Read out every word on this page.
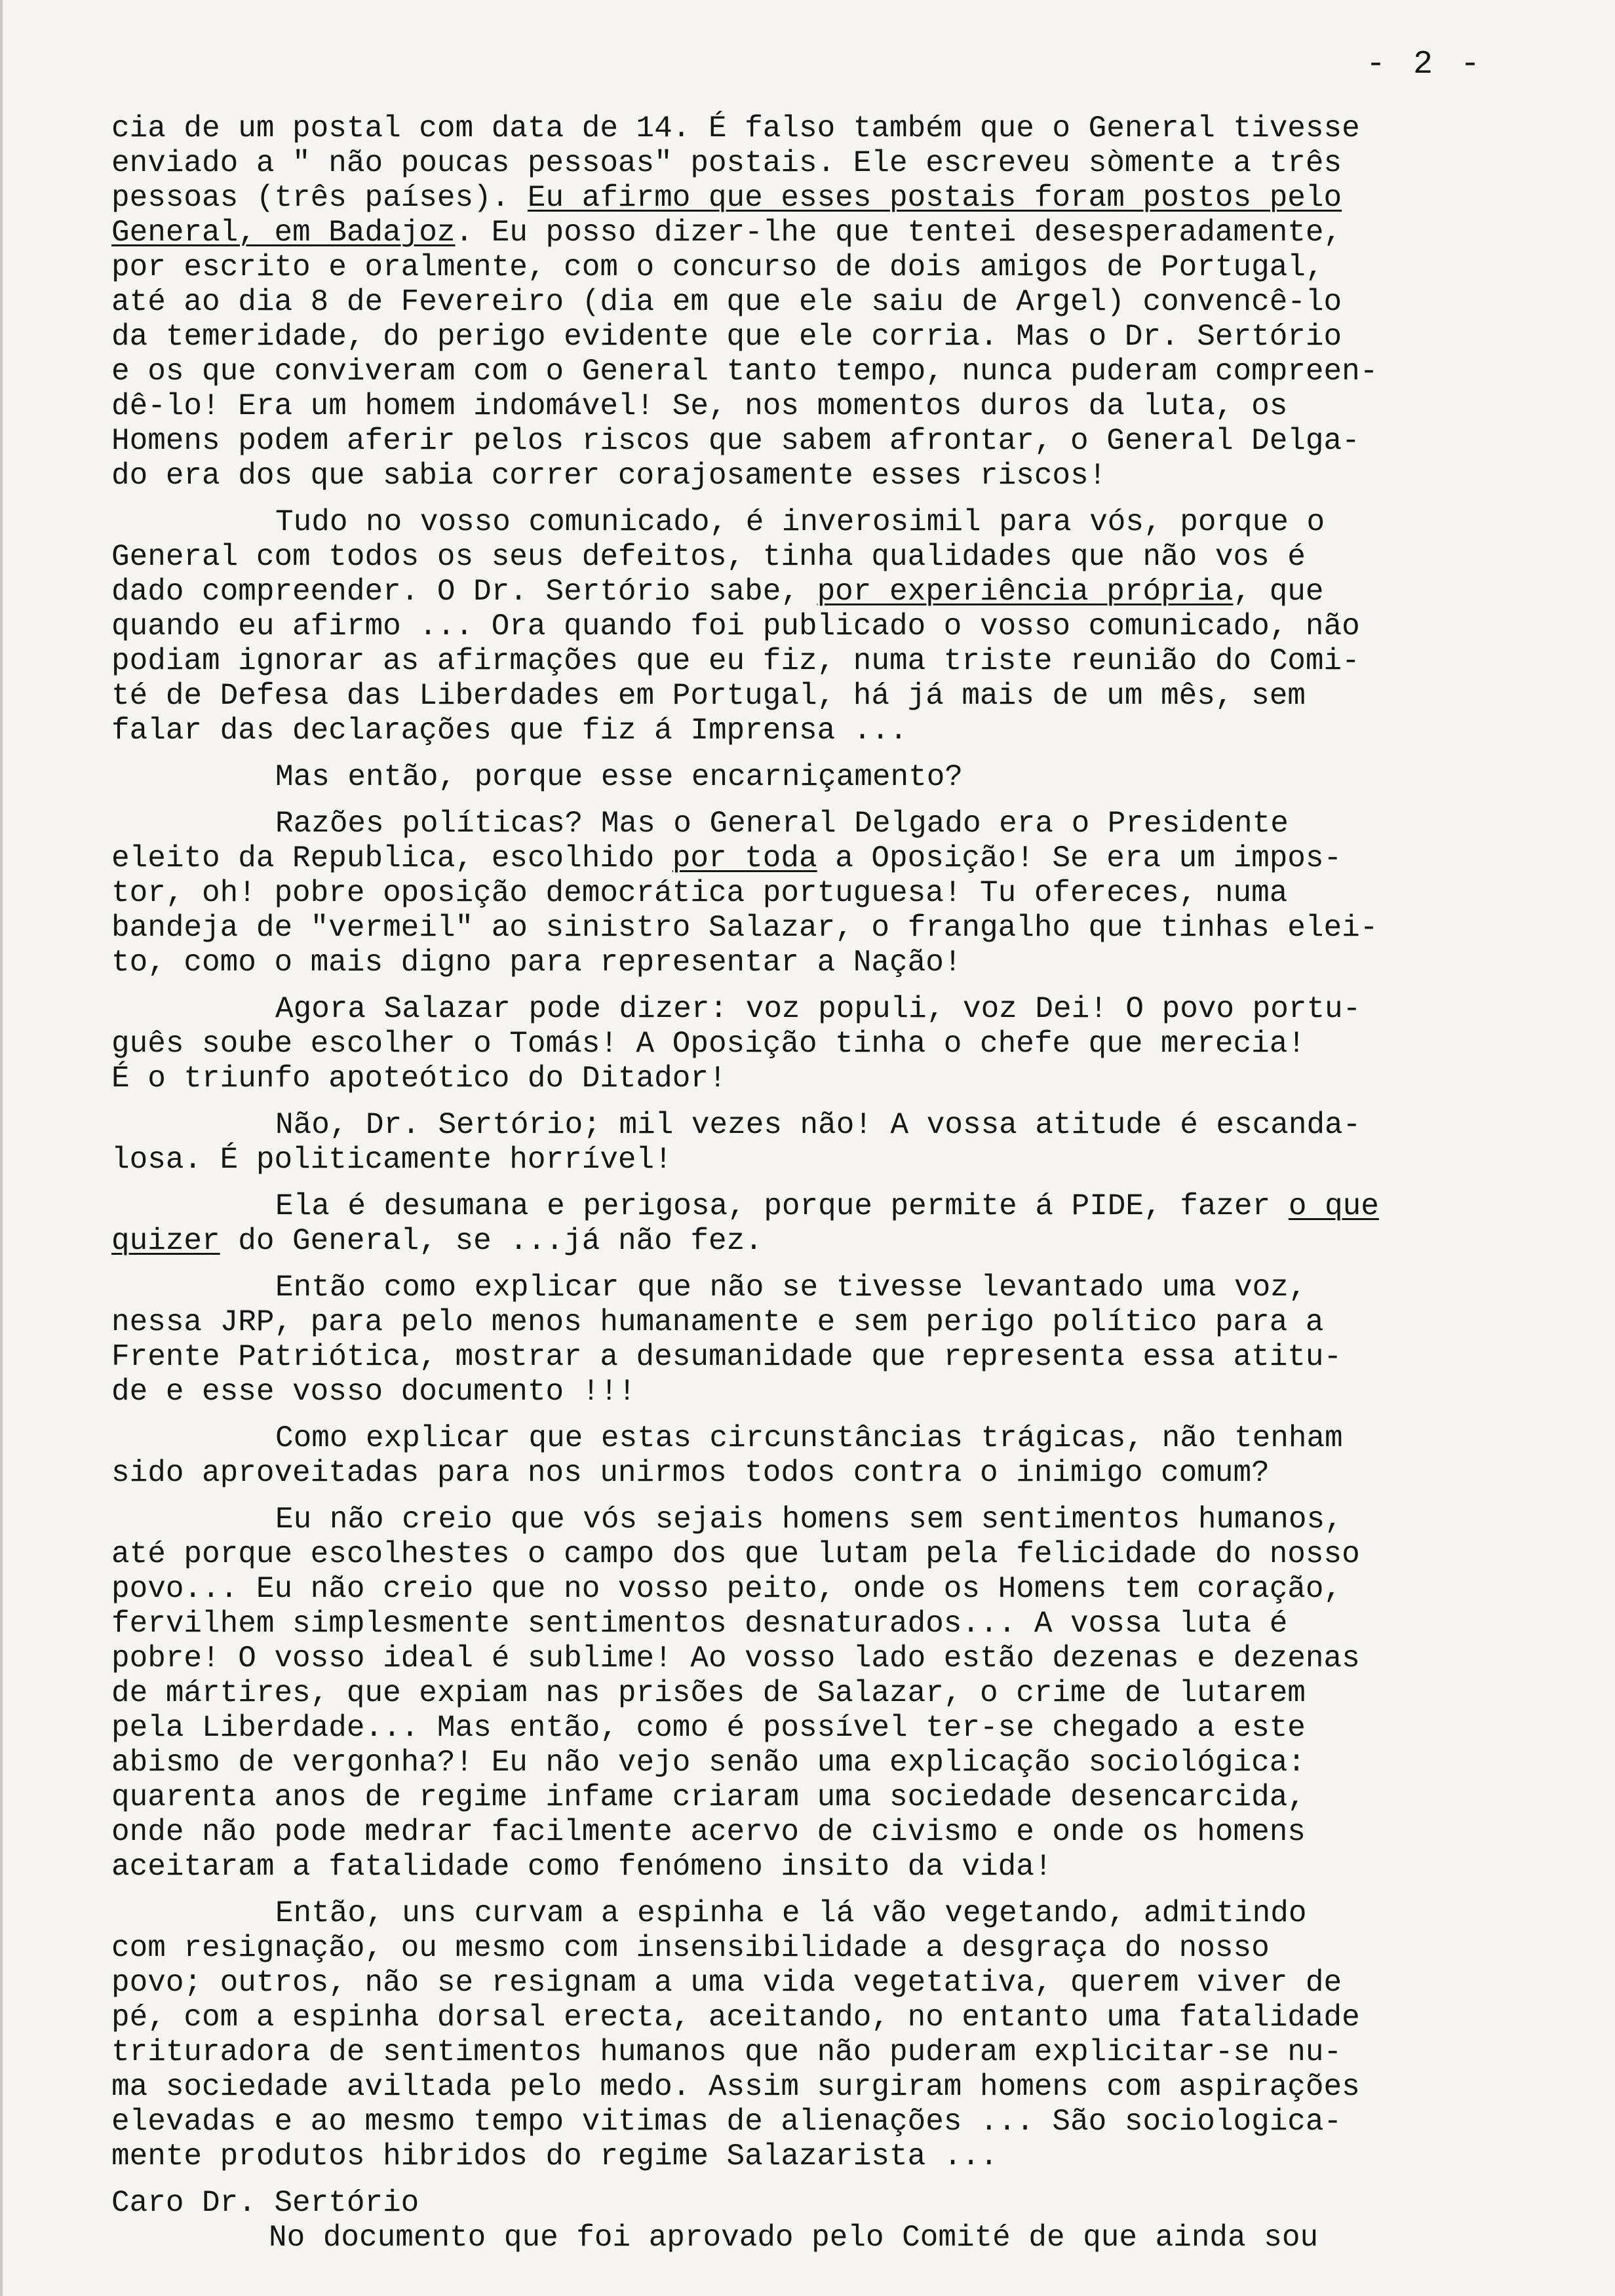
- 2 -
cia de um postal com data de 14. É falso também que o General tivesse
enviado a " não poucas pessoas" postais. Ele escreveu sòmente a três
pessoas (três países). Eu afirmo que esses postais foram postos pelo
General, em Badajoz. Eu posso dizer-lhe que tentei desesperadamente,
por escrito e oralmente, com o concurso de dois amigos de Portugal,
até ao dia 8 de Fevereiro (dia em que ele saiu de Argel) convencê-lo
da temeridade, do perigo evidente que ele corria. Mas o Dr. Sertório
e os que conviveram com o General tanto tempo, nunca puderam compreen-
dê-lo! Era um homem indomável! Se, nos momentos duros da luta, os
Homens podem aferir pelos riscos que sabem afrontar, o General Delga-
do era dos que sabia correr corajosamente esses riscos!
Tudo no vosso comunicado, é inverosimil para vós, porque o
General com todos os seus defeitos, tinha qualidades que não vos é
dado compreender. O Dr. Sertório sabe, por experiência própria, que
quando eu afirmo ... Ora quando foi publicado o vosso comunicado, não
podiam ignorar as afirmações que eu fiz, numa triste reunião do Comi-
té de Defesa das Liberdades em Portugal, há já mais de um mês, sem
falar das declarações que fiz á Imprensa ...
Mas então, porque esse encarniçamento?
Razões políticas? Mas o General Delgado era o Presidente
eleito da Republica, escolhido por toda a Oposição! Se era um impos-
tor, oh! pobre oposição democrática portuguesa! Tu ofereces, numa
bandeja de "vermeil" ao sinistro Salazar, o frangalho que tinhas elei-
to, como o mais digno para representar a Nação!
Agora Salazar pode dizer: voz populi, voz Dei! O povo portu-
guês soube escolher o Tomás! A Oposição tinha o chefe que merecia!
É o triunfo apoteótico do Ditador!
Não, Dr. Sertório; mil vezes não! A vossa atitude é escanda-
losa. É politicamente horrível!
Ela é desumana e perigosa, porque permite á PIDE, fazer o que
quizer do General, se ...já não fez.
Então como explicar que não se tivesse levantado uma voz,
nessa JRP, para pelo menos humanamente e sem perigo político para a
Frente Patriótica, mostrar a desumanidade que representa essa atitu-
de e esse vosso documento !!!
Como explicar que estas circunstâncias trágicas, não tenham
sido aproveitadas para nos unirmos todos contra o inimigo comum?
Eu não creio que vós sejais homens sem sentimentos humanos,
até porque escolhestes o campo dos que lutam pela felicidade do nosso
povo... Eu não creio que no vosso peito, onde os Homens tem coração,
fervilhem simplesmente sentimentos desnaturados... A vossa luta é
pobre! O vosso ideal é sublime! Ao vosso lado estão dezenas e dezenas
de mártires, que expiam nas prisões de Salazar, o crime de lutarem
pela Liberdade... Mas então, como é possível ter-se chegado a este
abismo de vergonha?! Eu não vejo senão uma explicação sociológica:
quarenta anos de regime infame criaram uma sociedade desencarcida,
onde não pode medrar facilmente acervo de civismo e onde os homens
aceitaram a fatalidade como fenómeno insito da vida!
Então, uns curvam a espinha e lá vão vegetando, admitindo
com resignação, ou mesmo com insensibilidade a desgraça do nosso
povo; outros, não se resignam a uma vida vegetativa, querem viver de
pé, com a espinha dorsal erecta, aceitando, no entanto uma fatalidade
trituradora de sentimentos humanos que não puderam explicitar-se nu-
ma sociedade aviltada pelo medo. Assim surgiram homens com aspirações
elevadas e ao mesmo tempo vitimas de alienações ... São sociologica-
mente produtos hibridos do regime Salazarista ...
Caro Dr. Sertório
No documento que foi aprovado pelo Comité de que ainda sou
